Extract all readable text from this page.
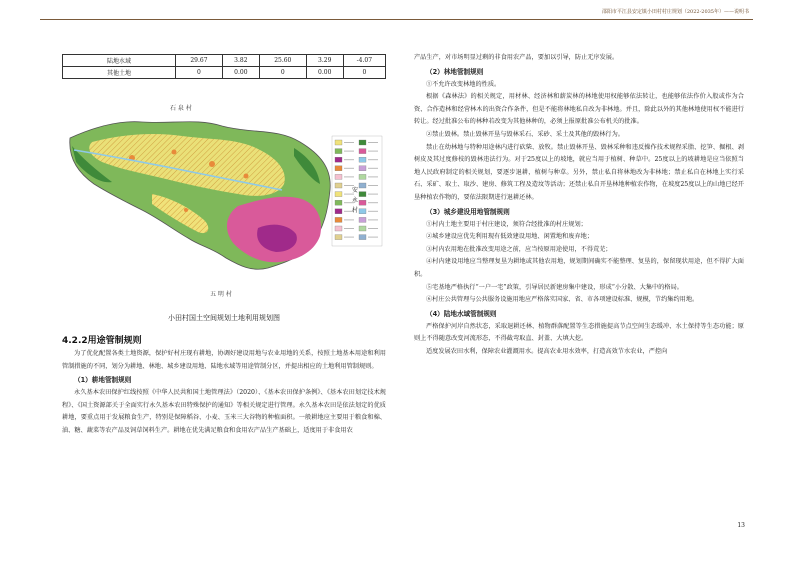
邵阳市平江县安定镇小田村村庄规划（2022-2035年）——说明书
陆地水域	29.67	3.82	25.60	3.29	-4.07
其他土地	0	0.00	0	0.00	0
石 泉 村
五 明 村
安 永 村
小田村国土空间规划土地利用规划图
4.2.2用途管制规则

为了优化配置各类土地资源，保护好村庄现有耕地，协调好建设用地与农业用地的关系，按照土地基本用途和利用管制措施的不同，划分为耕地、林地、城乡建设用地、陆地水域等用途管制分区，并提出相应的土地利用管制规则。

（1）耕地管制规则

永久基本农田保护红线按照《中华人民共和国土地管理法》（2020）、《基本农田保护条例》、《基本农田划定技术规程》、《国土资源部关于全面实行永久基本农田特殊保护的通知》等相关规定进行管理。永久基本农田是依法划定的优质耕地，要重点用于发展粮食生产，特别是保障稻谷、小麦、玉米三大谷物的种植面积。一般耕地应主要用于粮食和棉、油、糖、蔬菜等农产品及饲草饲料生产。耕地在优先满足粮食和食用农产品生产基础上，适度用于非食用农

产品生产，对市场明显过剩的非食用农产品，要加以引导，防止无序发展。

（2）林地管制规则

①不允许改变林地的性质。

根据《森林法》的相关规定，用材林、经济林和薪炭林的林地使用权能够依法转让，也能够依法作价入股或作为合资、合作造林和经营林木的出资合作条件，但是不能将林地私自改为非林地。并且，除此以外的其他林地使用权不能进行转让。经过批准公布的林种若改变为其他林种的，必须上报原批准公布机关的批准。

②禁止毁林。禁止毁林开垦与毁林采石、采砂、采土及其他的毁林行为。

禁止在幼林地与特种用途林内进行砍柴、放牧。禁止毁林开垦、毁林采种和违反操作技术规程采脂、挖笋、掘根、剥树皮及其过度修枝的毁林违法行为。对于25度以上的坡地，就应当用于植树、种草中。25度以上的坡耕地是应当依照当地人民政府制定的相关规划，要逐步退耕，植树与种草。另外，禁止私自将林地改为非林地；禁止私自在林地上实行采石、采矿、取土、取沙、建房、修筑工程及造坟等活动；还禁止私自开垦林地种植农作物，在坡度25度以上的山地已经开垦种植农作物的，要依法限期进行退耕还林。

（3）城乡建设用地管制规则

①村内土地主要用于村庄建设，须符合经批准的村庄规划；

②城乡建设应优先利用现有低效建设用地、闲置地和废弃地；

③村内农用地在批准改变用途之前，应当按原用途使用，不得荒芜；

④村内建设用地应当整理复垦为耕地或其他农用地，规划期间确实不能整理、复垦的，保留现状用途，但不得扩大面积。

⑤宅基地严格执行“一户一宅”政策，引导居民新建房集中建设，形成“小分散、大集中的格局。

⑥村庄公共管理与公共服务设施用地应严格落实国家、省、市各项建设标准、规模，节约集约用地。

（4）陆地水域管制规则

严格保护河岸自然状态，采取退耕还林、植物群落配置等生态措施提高节点空间生态缓冲、水土保持等生态功能；原则上不得随意改变河流形态，不得截弯取直、封盖、大填大挖。

适度发展农田水利，保障农业灌溉用水。提高农业用水效率，打造高效节水农业，严控向

13
